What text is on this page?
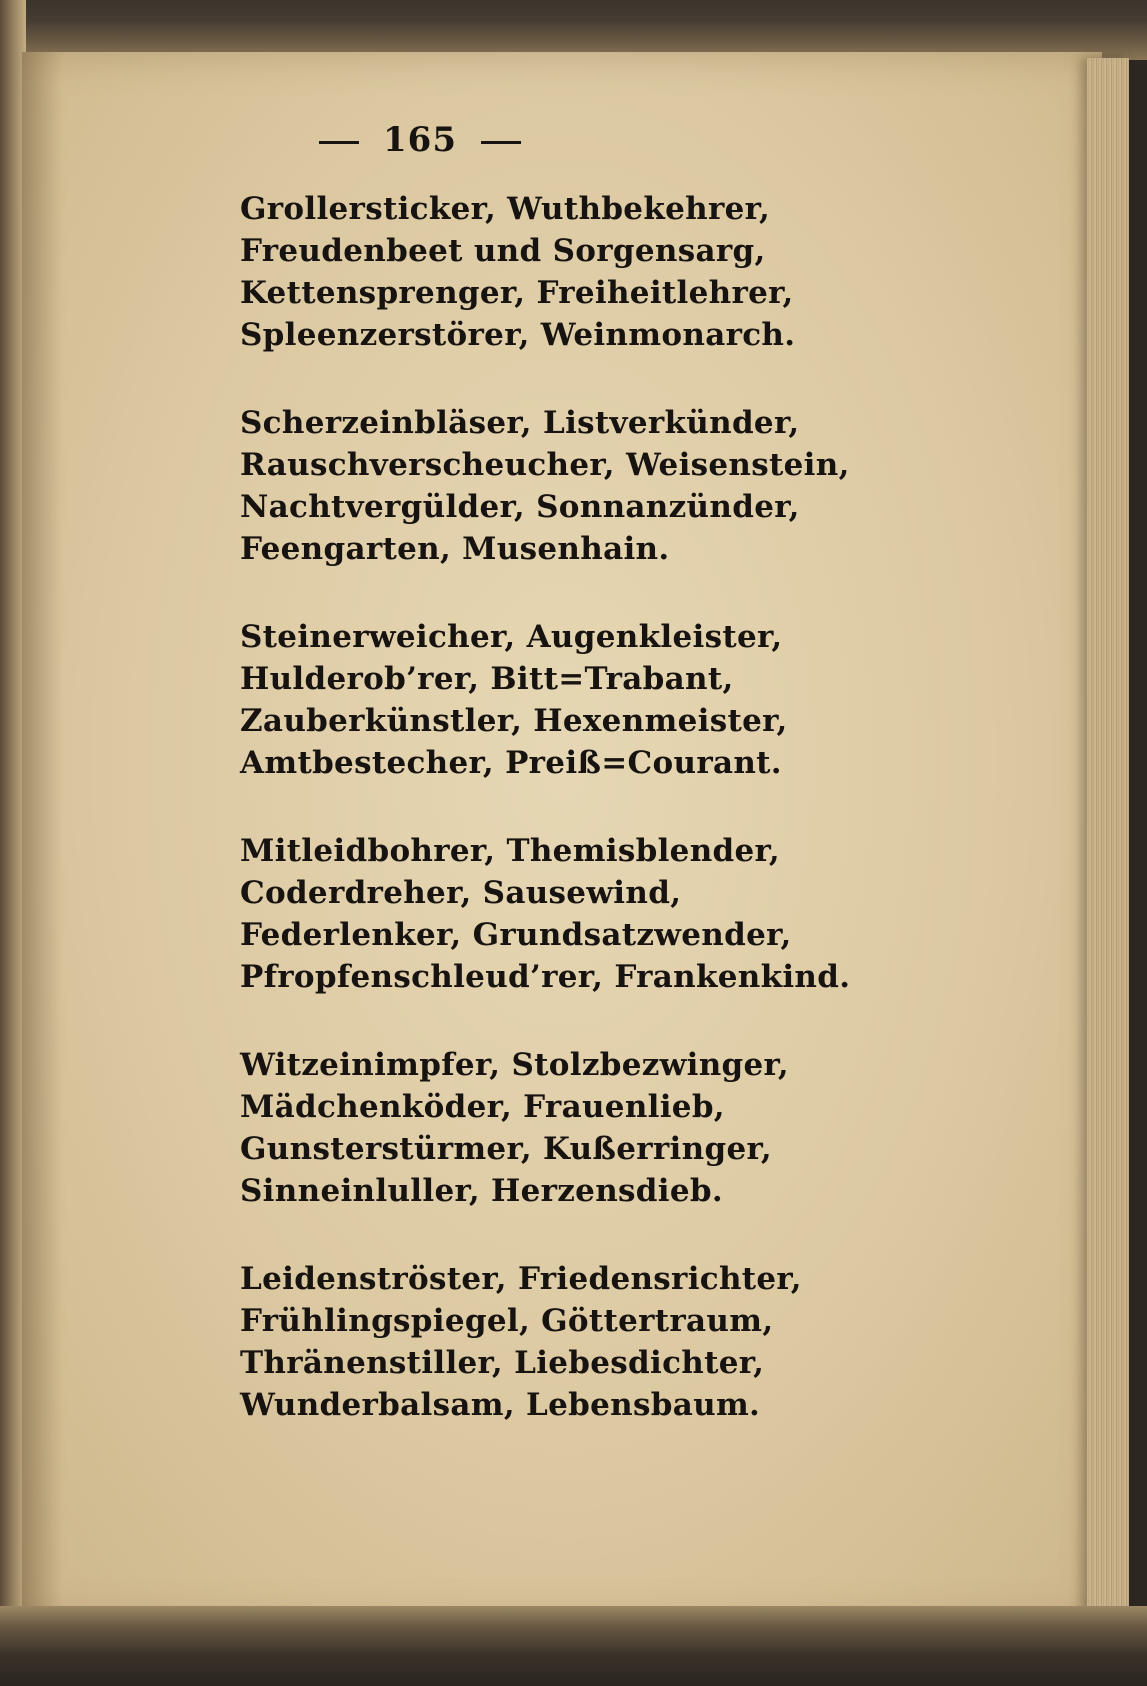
165
Grollersticker, Wuthbekehrer,
Freudenbeet und Sorgensarg,
Kettensprenger, Freiheitlehrer,
Spleenzerstörer, Weinmonarch.
Scherzeinbläser, Listverkünder,
Rauschverscheucher, Weisenstein,
Nachtvergülder, Sonnanzünder,
Feengarten, Musenhain.
Steinerweicher, Augenkleister,
Hulderob’rer, Bitt=Trabant,
Zauberkünstler, Hexenmeister,
Amtbestecher, Preiß=Courant.
Mitleidbohrer, Themisblender,
Coderdreher, Sausewind,
Federlenker, Grundsatzwender,
Pfropfenschleud’rer, Frankenkind.
Witzeinimpfer, Stolzbezwinger,
Mädchenköder, Frauenlieb,
Gunsterstürmer, Kußerringer,
Sinneinluller, Herzensdieb.
Leidenströster, Friedensrichter,
Frühlingspiegel, Göttertraum,
Thränenstiller, Liebesdichter,
Wunderbalsam, Lebensbaum.
